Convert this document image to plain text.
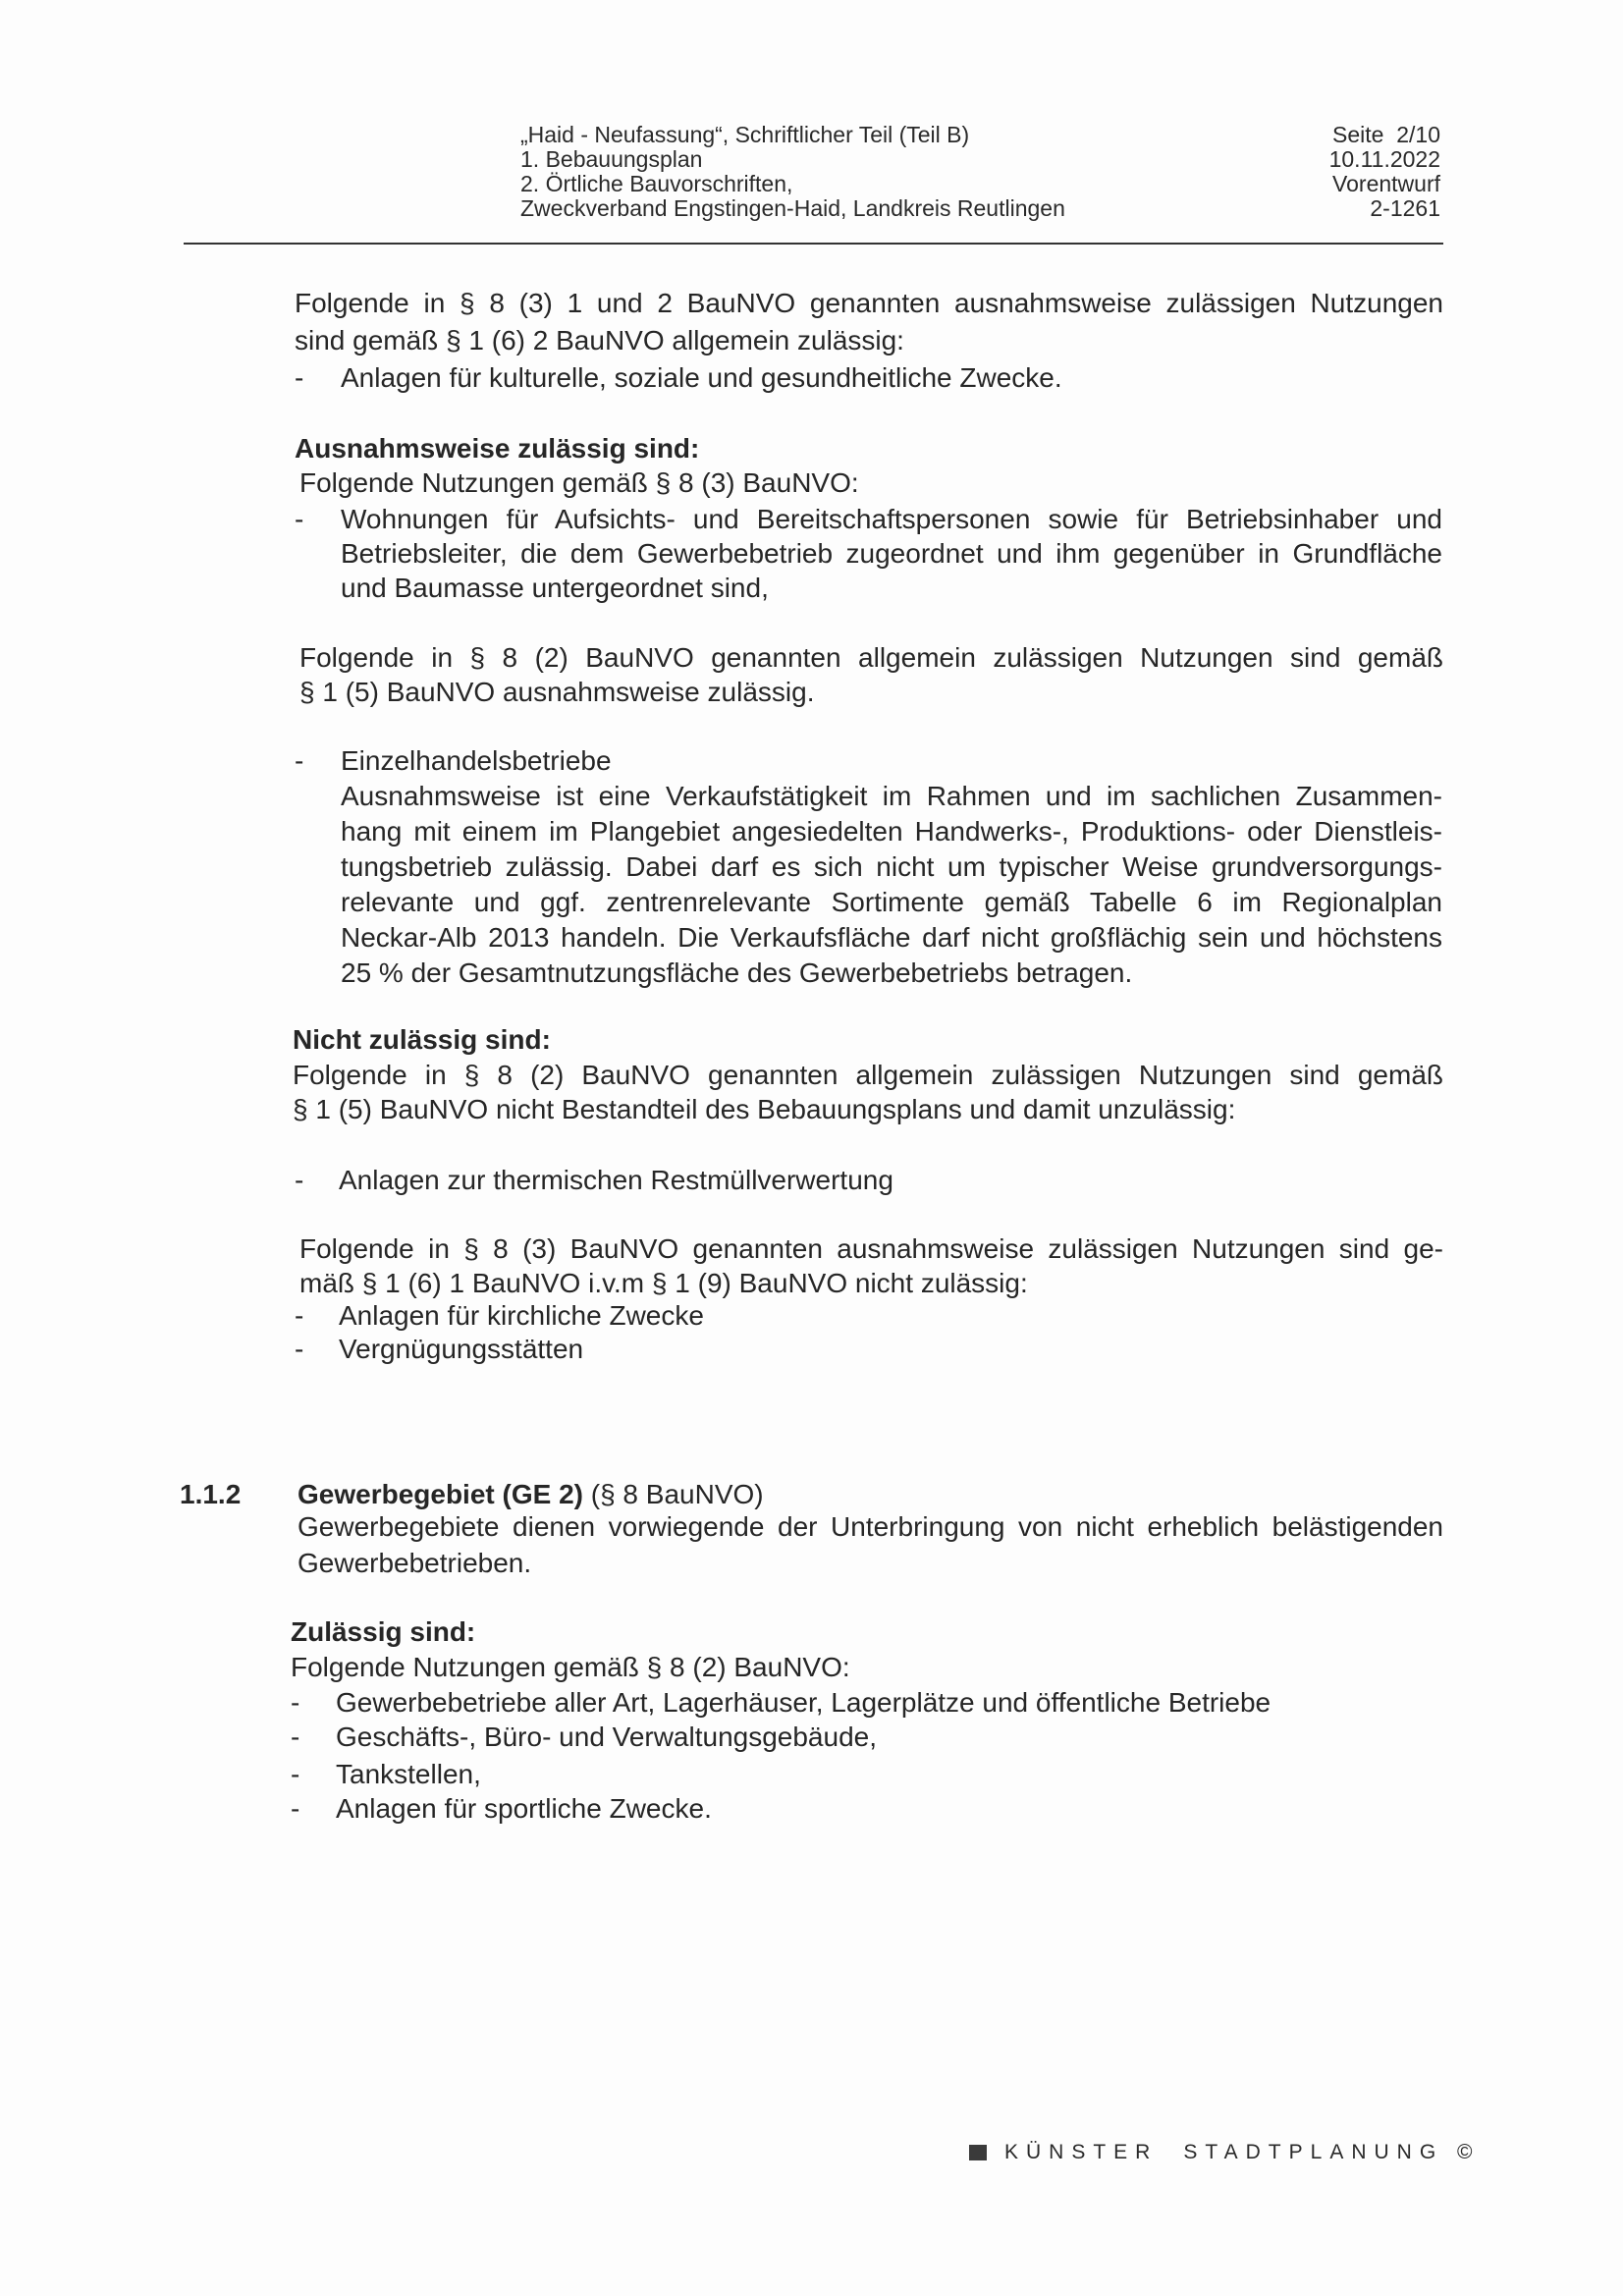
„Haid - Neufassung“, Schriftlicher Teil (Teil B)
1. Bebauungsplan
2. Örtliche Bauvorschriften,
Zweckverband Engstingen-Haid, Landkreis Reutlingen
Seite  2/10
10.11.2022
Vorentwurf
2-1261
Folgende in § 8 (3) 1 und 2 BauNVO genannten ausnahmsweise zulässigen Nutzungen
sind gemäß § 1 (6) 2 BauNVO allgemein zulässig:
- Anlagen für kulturelle, soziale und gesundheitliche Zwecke.
Ausnahmsweise zulässig sind:
Folgende Nutzungen gemäß § 8 (3) BauNVO:
- Wohnungen für Aufsichts- und Bereitschaftspersonen sowie für Betriebsinhaber und
Betriebsleiter, die dem Gewerbebetrieb zugeordnet und ihm gegenüber in Grundfläche
und Baumasse untergeordnet sind,
Folgende in § 8 (2) BauNVO genannten allgemein zulässigen Nutzungen sind gemäß
§ 1 (5) BauNVO ausnahmsweise zulässig.
- Einzelhandelsbetriebe
Ausnahmsweise ist eine Verkaufstätigkeit im Rahmen und im sachlichen Zusammen-
hang mit einem im Plangebiet angesiedelten Handwerks-, Produktions- oder Dienstleis-
tungsbetrieb zulässig. Dabei darf es sich nicht um typischer Weise grundversorgungs-
relevante und ggf. zentrenrelevante Sortimente gemäß Tabelle 6 im Regionalplan
Neckar-Alb 2013 handeln. Die Verkaufsfläche darf nicht großflächig sein und höchstens
25 % der Gesamtnutzungsfläche des Gewerbebetriebs betragen.
Nicht zulässig sind:
Folgende in § 8 (2) BauNVO genannten allgemein zulässigen Nutzungen sind gemäß
§ 1 (5) BauNVO nicht Bestandteil des Bebauungsplans und damit unzulässig:
- Anlagen zur thermischen Restmüllverwertung
Folgende in § 8 (3) BauNVO genannten ausnahmsweise zulässigen Nutzungen sind ge-
mäß § 1 (6) 1 BauNVO i.v.m § 1 (9) BauNVO nicht zulässig:
- Anlagen für kirchliche Zwecke
- Vergnügungsstätten
1.1.2 Gewerbegebiet (GE 2) (§ 8 BauNVO)
Gewerbegebiete dienen vorwiegende der Unterbringung von nicht erheblich belästigenden
Gewerbebetrieben.
Zulässig sind:
Folgende Nutzungen gemäß § 8 (2) BauNVO:
- Gewerbebetriebe aller Art, Lagerhäuser, Lagerplätze und öffentliche Betriebe
- Geschäfts-, Büro- und Verwaltungsgebäude,
- Tankstellen,
- Anlagen für sportliche Zwecke.
KÜNSTER STADTPLANUNG ©
